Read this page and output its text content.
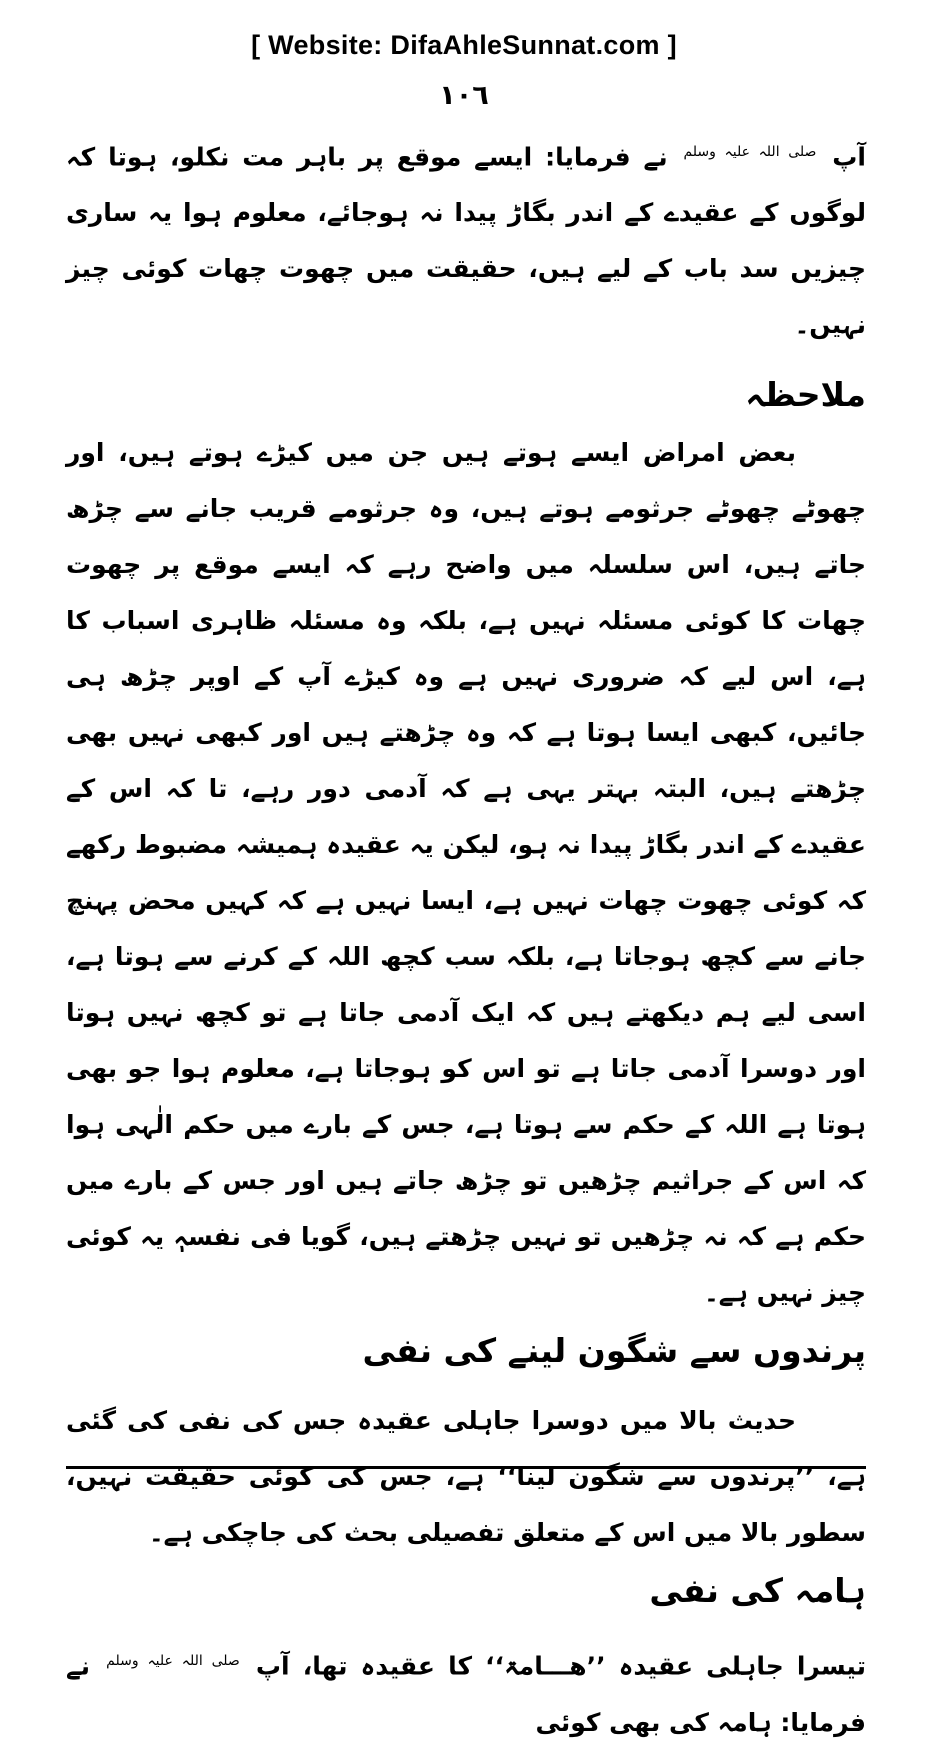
[ Website: DifaAhleSunnat.com ]
١٠٦

آپ $^{صلی اللہ علیہ وسلم}$ نے فرمایا: ایسے موقع پر باہر مت نکلو، ہوتا کہ لوگوں کے عقیدے کے اندر بگاڑ پیدا نہ ہوجائے، معلوم ہوا یہ ساری چیزیں سد باب کے لیے ہیں، حقیقت میں چھوت چھات کوئی چیز نہیں۔

ملاحظہ

بعض امراض ایسے ہوتے ہیں جن میں کیڑے ہوتے ہیں، اور چھوٹے چھوٹے جرثومے ہوتے ہیں، وہ جرثومے قریب جانے سے چڑھ جاتے ہیں، اس سلسلہ میں واضح رہے کہ ایسے موقع پر چھوت چھات کا کوئی مسئلہ نہیں ہے، بلکہ وہ مسئلہ ظاہری اسباب کا ہے، اس لیے کہ ضروری نہیں ہے وہ کیڑے آپ کے اوپر چڑھ ہی جائیں، کبھی ایسا ہوتا ہے کہ وہ چڑھتے ہیں اور کبھی نہیں بھی چڑھتے ہیں، البتہ بہتر یہی ہے کہ آدمی دور رہے، تا کہ اس کے عقیدے کے اندر بگاڑ پیدا نہ ہو، لیکن یہ عقیدہ ہمیشہ مضبوط رکھے کہ کوئی چھوت چھات نہیں ہے، ایسا نہیں ہے کہ کہیں محض پہنچ جانے سے کچھ ہوجاتا ہے، بلکہ سب کچھ اللہ کے کرنے سے ہوتا ہے، اسی لیے ہم دیکھتے ہیں کہ ایک آدمی جاتا ہے تو کچھ نہیں ہوتا اور دوسرا آدمی جاتا ہے تو اس کو ہوجاتا ہے، معلوم ہوا جو بھی ہوتا ہے اللہ کے حکم سے ہوتا ہے، جس کے بارے میں حکم الٰہی ہوا کہ اس کے جراثیم چڑھیں تو چڑھ جاتے ہیں اور جس کے بارے میں حکم ہے کہ نہ چڑھیں تو نہیں چڑھتے ہیں، گویا فی نفسہٖ یہ کوئی چیز نہیں ہے۔

پرندوں سے شگون لینے کی نفی

حدیث بالا میں دوسرا جاہلی عقیدہ جس کی نفی کی گئی ہے، ’’پرندوں سے شگون لینا‘‘ ہے، جس کی کوئی حقیقت نہیں، سطور بالا میں اس کے متعلق تفصیلی بحث کی جاچکی ہے۔

ہامہ کی نفی

تیسرا جاہلی عقیدہ ’’ھـــامۃ‘‘ کا عقیدہ تھا، آپ $^{صلی اللہ علیہ وسلم}$ نے فرمایا: ہامہ کی بھی کوئی
